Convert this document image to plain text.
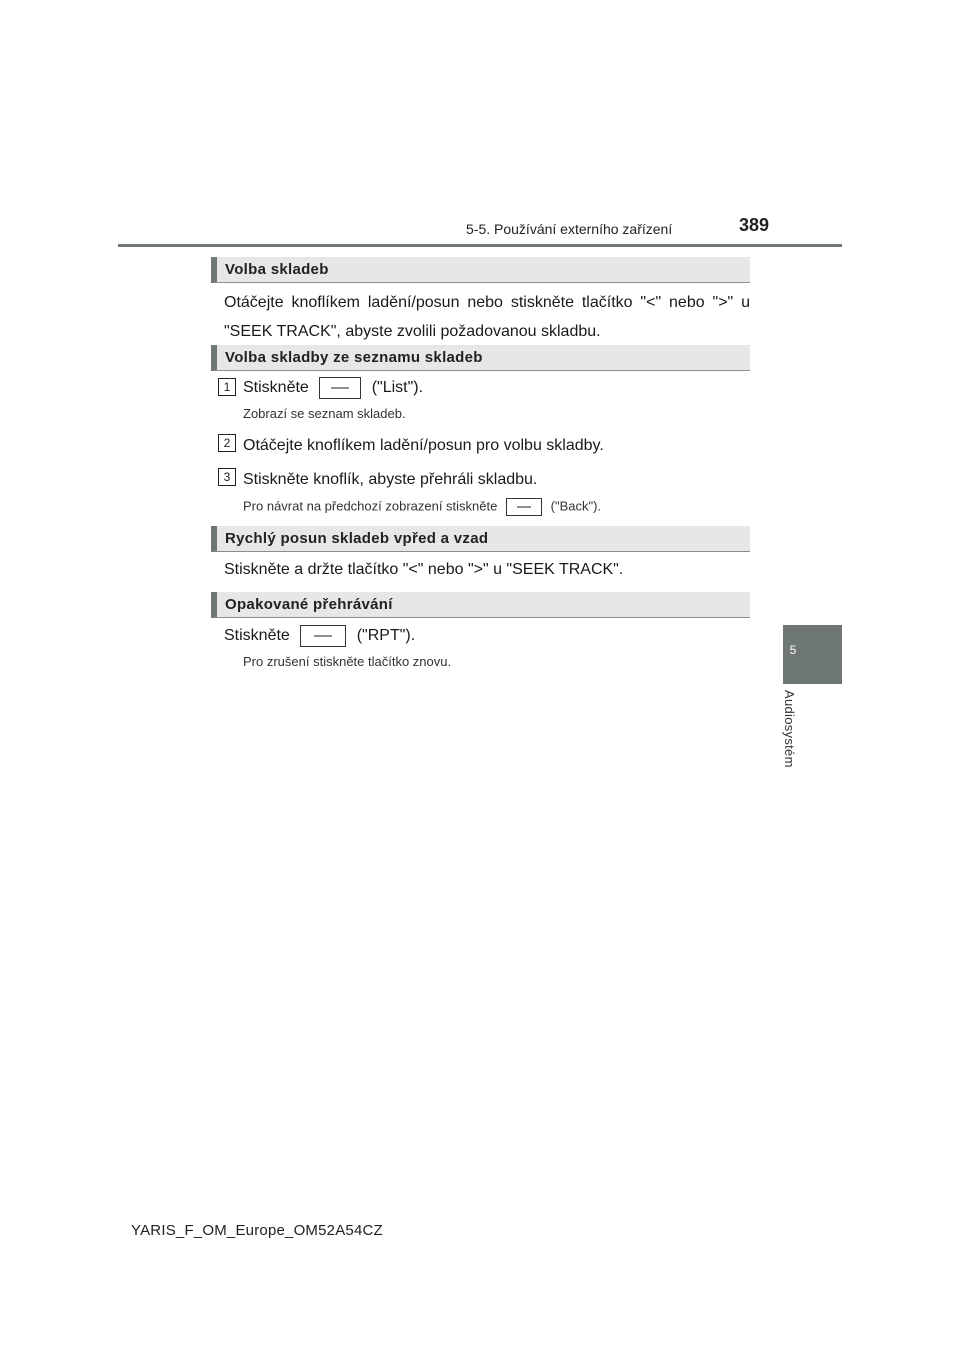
5-5. Používání externího zařízení	389
5
Audiosystém
Volba skladeb
Otáčejte knoflíkem ladění/posun nebo stiskněte tlačítko "<" nebo ">" u "SEEK TRACK", abyste zvolili požadovanou skladbu.
Volba skladby ze seznamu skladeb
1 Stiskněte	("List").
Zobrazí se seznam skladeb.
2 Otáčejte knoflíkem ladění/posun pro volbu skladby.
3 Stiskněte knoflík, abyste přehráli skladbu.
Pro návrat na předchozí zobrazení stiskněte	("Back").
Rychlý posun skladeb vpřed a vzad
Stiskněte a držte tlačítko "<" nebo ">" u "SEEK TRACK".
Opakované přehrávání
Stiskněte	("RPT").
Pro zrušení stiskněte tlačítko znovu.
YARIS_F_OM_Europe_OM52A54CZ
